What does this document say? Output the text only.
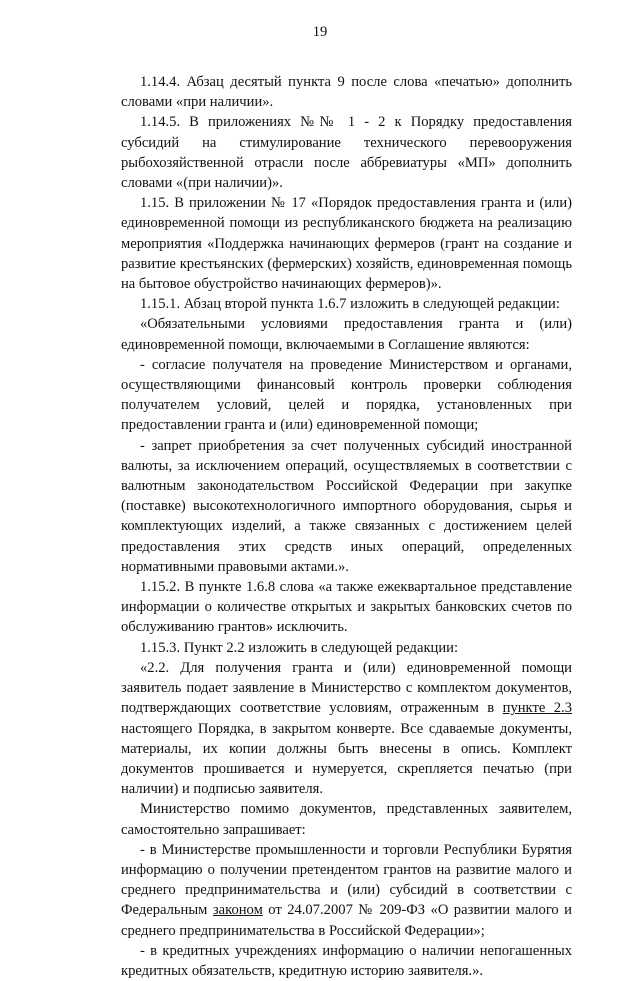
19

1.14.4. Абзац десятый пункта 9 после слова «печатью» дополнить словами «при наличии».

1.14.5. В приложениях №№ 1 - 2 к Порядку предоставления субсидий на стимулирование технического перевооружения рыбохозяйственной отрасли после аббревиатуры «МП» дополнить словами «(при наличии)».

1.15. В приложении № 17 «Порядок предоставления гранта и (или) единовременной помощи из республиканского бюджета на реализацию мероприятия «Поддержка начинающих фермеров (грант на создание и развитие крестьянских (фермерских) хозяйств, единовременная помощь на бытовое обустройство начинающих фермеров)».

1.15.1. Абзац второй пункта 1.6.7 изложить в следующей редакции:

«Обязательными условиями предоставления гранта и (или) единовременной помощи, включаемыми в Соглашение являются:

- согласие получателя на проведение Министерством и органами, осуществляющими финансовый контроль проверки соблюдения получателем условий, целей и порядка, установленных при предоставлении гранта и (или) единовременной помощи;

- запрет приобретения за счет полученных субсидий иностранной валюты, за исключением операций, осуществляемых в соответствии с валютным законодательством Российской Федерации при закупке (поставке) высокотехнологичного импортного оборудования, сырья и комплектующих изделий, а также связанных с достижением целей предоставления этих средств иных операций, определенных нормативными правовыми актами.».

1.15.2. В пункте 1.6.8 слова «а также ежеквартальное представление информации о количестве открытых и закрытых банковских счетов по обслуживанию грантов» исключить.

1.15.3. Пункт 2.2 изложить в следующей редакции:

«2.2. Для получения гранта и (или) единовременной помощи заявитель подает заявление в Министерство с комплектом документов, подтверждающих соответствие условиям, отраженным в пункте 2.3 настоящего Порядка, в закрытом конверте. Все сдаваемые документы, материалы, их копии должны быть внесены в опись. Комплект документов прошивается и нумеруется, скрепляется печатью (при наличии) и подписью заявителя.

Министерство помимо документов, представленных заявителем, самостоятельно запрашивает:

- в Министерстве промышленности и торговли Республики Бурятия информацию о получении претендентом грантов на развитие малого и среднего предпринимательства и (или) субсидий в соответствии с Федеральным законом от 24.07.2007 № 209-ФЗ «О развитии малого и среднего предпринимательства в Российской Федерации»;

- в кредитных учреждениях информацию о наличии непогашенных кредитных обязательств, кредитную историю заявителя.».
